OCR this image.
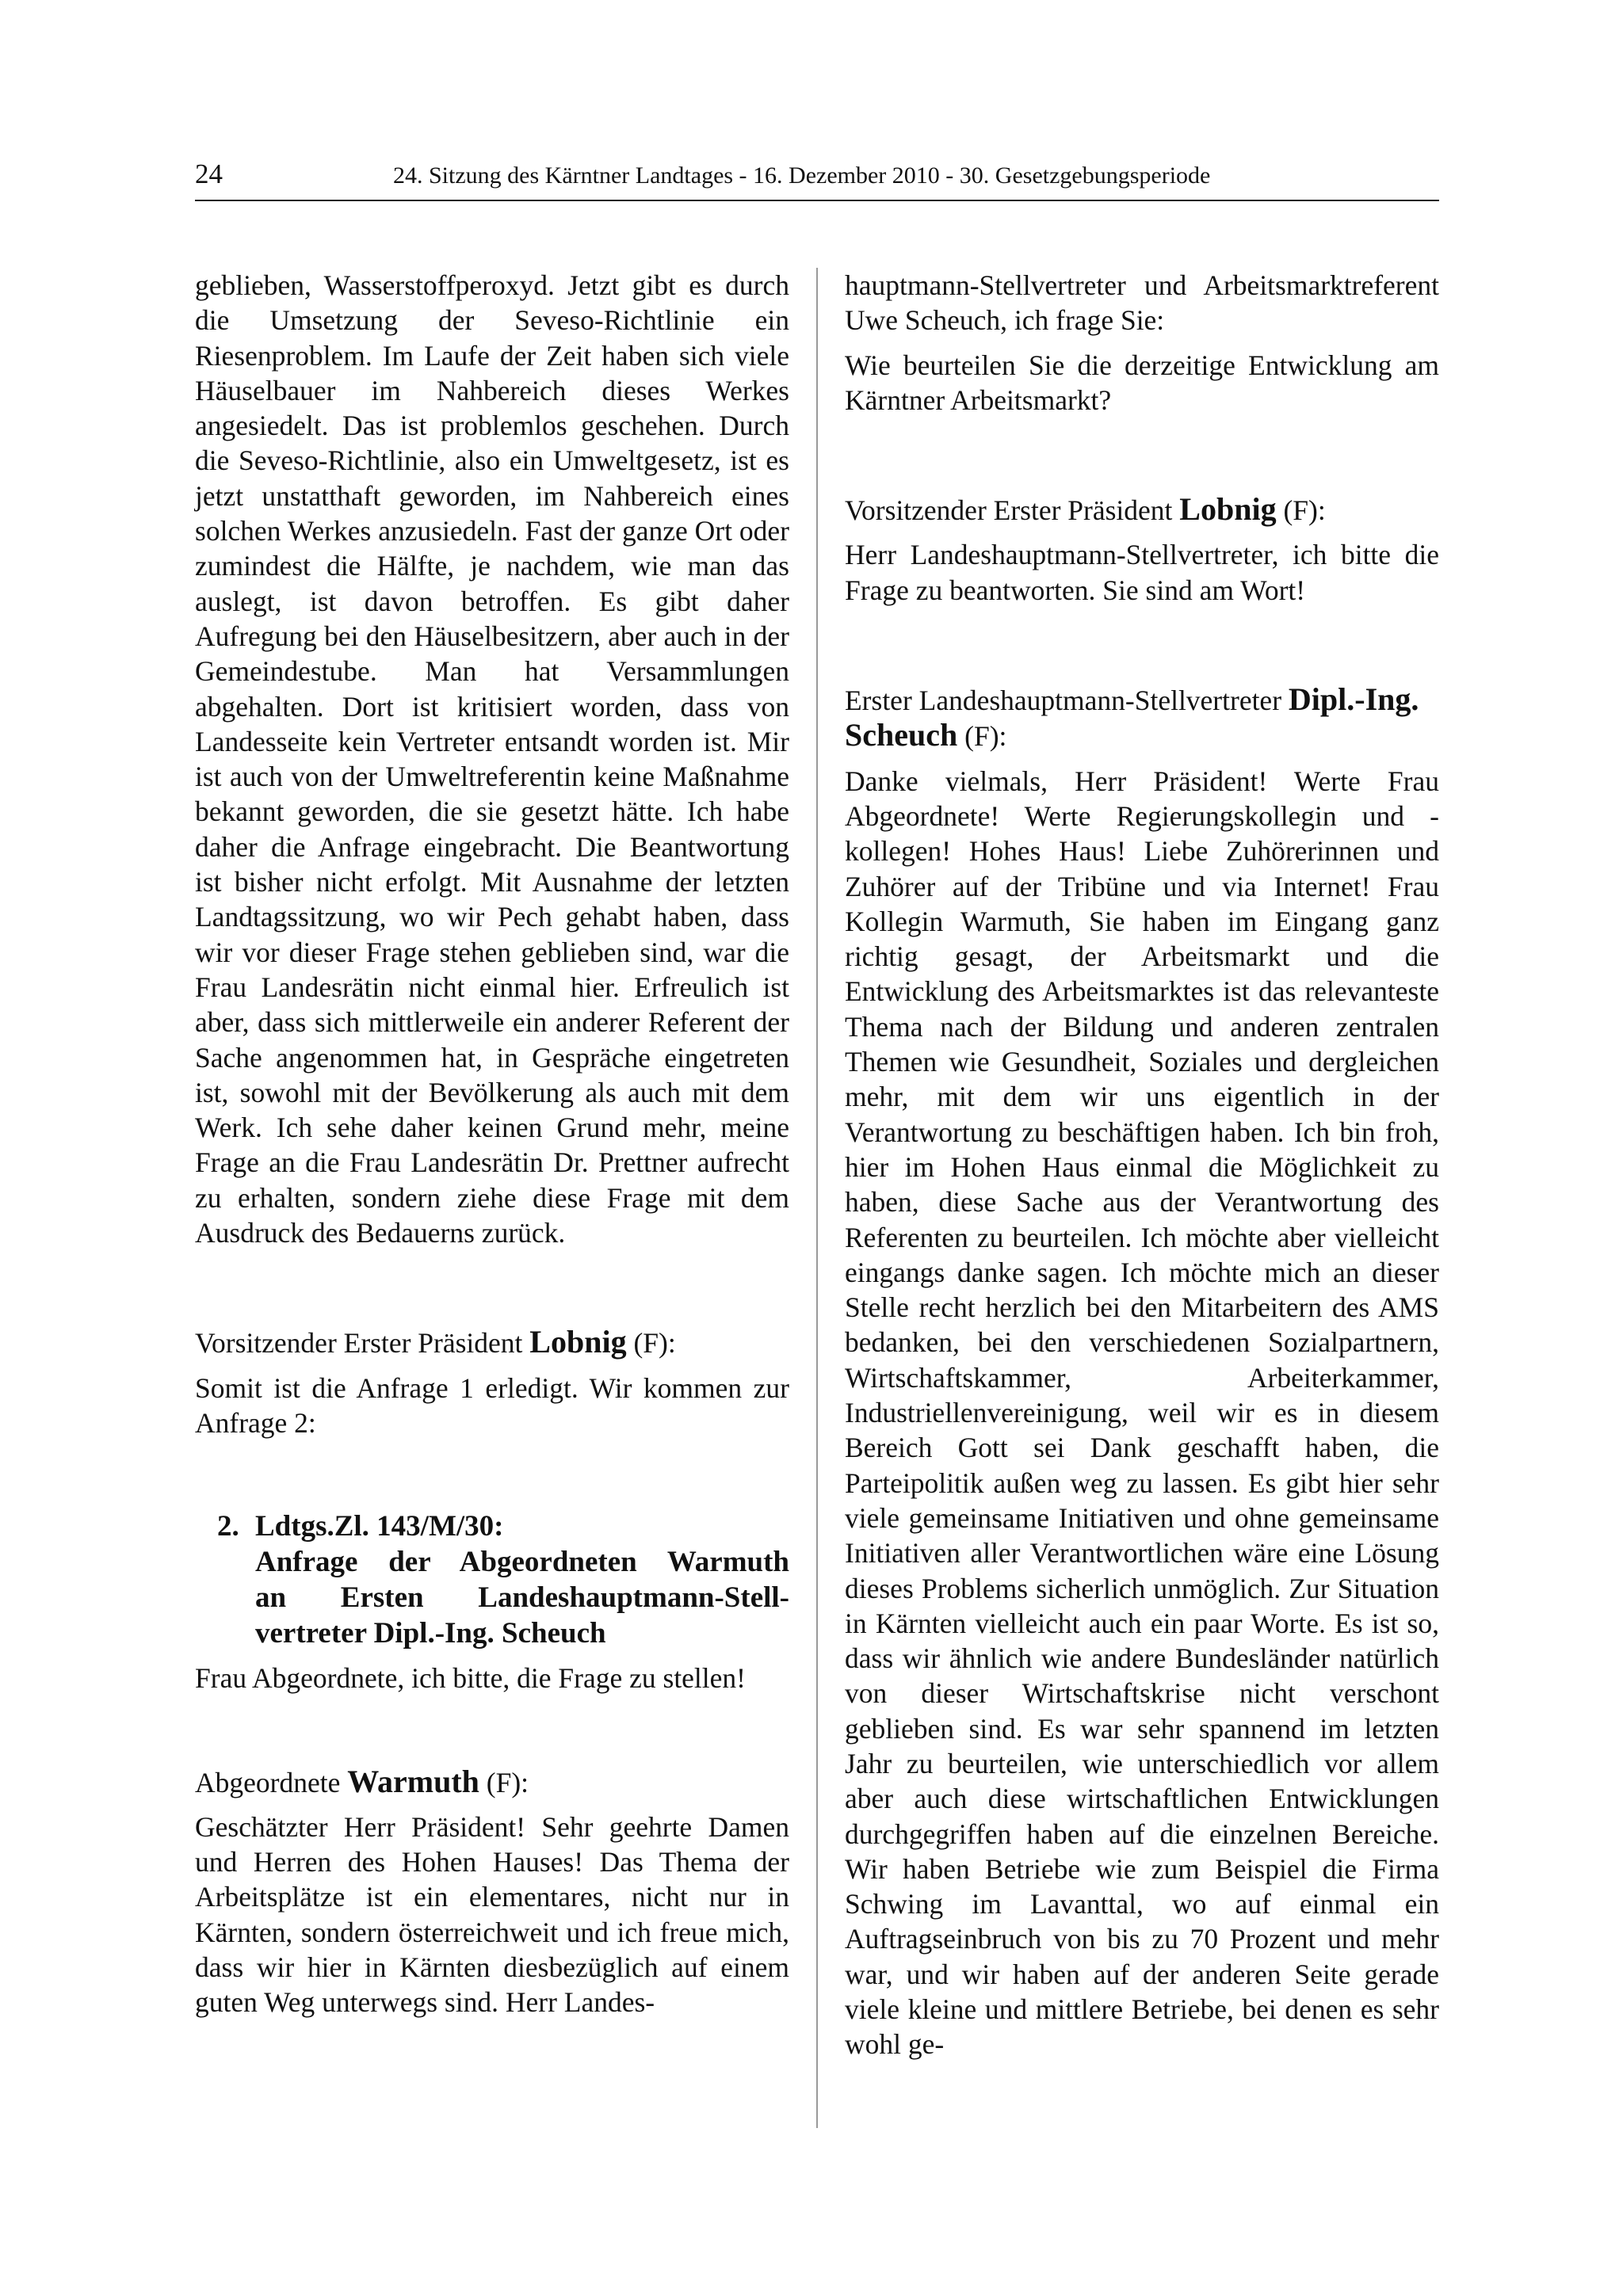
24	24. Sitzung des Kärntner Landtages - 16. Dezember 2010 - 30. Gesetzgebungsperiode

geblieben, Wasserstoffperoxyd. Jetzt gibt es durch die Umsetzung der Seveso-Richtlinie ein Riesenproblem. Im Laufe der Zeit haben sich viele Häuselbauer im Nahbereich dieses Werkes angesiedelt. Das ist problemlos geschehen. Durch die Seveso-Richtlinie, also ein Umweltgesetz, ist es jetzt unstatthaft geworden, im Nahbereich eines solchen Werkes anzusiedeln. Fast der ganze Ort oder zumindest die Hälfte, je nachdem, wie man das auslegt, ist davon betroffen. Es gibt daher Aufregung bei den Häuselbesitzern, aber auch in der Gemeindestube. Man hat Versammlungen abgehalten. Dort ist kritisiert worden, dass von Landesseite kein Vertreter entsandt worden ist. Mir ist auch von der Umweltreferentin keine Maßnahme bekannt geworden, die sie gesetzt hätte. Ich habe daher die Anfrage eingebracht. Die Beantwortung ist bisher nicht erfolgt. Mit Ausnahme der letzten Landtagssitzung, wo wir Pech gehabt haben, dass wir vor dieser Frage stehen geblieben sind, war die Frau Landesrätin nicht einmal hier. Erfreulich ist aber, dass sich mittlerweile ein anderer Referent der Sache angenommen hat, in Gespräche eingetreten ist, sowohl mit der Bevölkerung als auch mit dem Werk. Ich sehe daher keinen Grund mehr, meine Frage an die Frau Landesrätin Dr. Prettner aufrecht zu erhalten, sondern ziehe diese Frage mit dem Ausdruck des Bedauerns zurück.

Vorsitzender Erster Präsident Lobnig (F):

Somit ist die Anfrage 1 erledigt. Wir kommen zur Anfrage 2:

2. Ldtgs.Zl. 143/M/30:
Anfrage der Abgeordneten Warmuth
an Ersten Landeshauptmann-Stell-
vertreter Dipl.-Ing. Scheuch

Frau Abgeordnete, ich bitte, die Frage zu stellen!

Abgeordnete Warmuth (F):

Geschätzter Herr Präsident! Sehr geehrte Damen und Herren des Hohen Hauses! Das Thema der Arbeitsplätze ist ein elementares, nicht nur in Kärnten, sondern österreichweit und ich freue mich, dass wir hier in Kärnten diesbezüglich auf einem guten Weg unterwegs sind. Herr Landes-

hauptmann-Stellvertreter und Arbeitsmarktreferent Uwe Scheuch, ich frage Sie:

Wie beurteilen Sie die derzeitige Entwicklung am Kärntner Arbeitsmarkt?

Vorsitzender Erster Präsident Lobnig (F):

Herr Landeshauptmann-Stellvertreter, ich bitte die Frage zu beantworten. Sie sind am Wort!

Erster Landeshauptmann-Stellvertreter Dipl.-Ing. Scheuch (F):

Danke vielmals, Herr Präsident! Werte Frau Abgeordnete! Werte Regierungskollegin und -kollegen! Hohes Haus! Liebe Zuhörerinnen und Zuhörer auf der Tribüne und via Internet! Frau Kollegin Warmuth, Sie haben im Eingang ganz richtig gesagt, der Arbeitsmarkt und die Entwicklung des Arbeitsmarktes ist das relevanteste Thema nach der Bildung und anderen zentralen Themen wie Gesundheit, Soziales und dergleichen mehr, mit dem wir uns eigentlich in der Verantwortung zu beschäftigen haben. Ich bin froh, hier im Hohen Haus einmal die Möglichkeit zu haben, diese Sache aus der Verantwortung des Referenten zu beurteilen. Ich möchte aber vielleicht eingangs danke sagen. Ich möchte mich an dieser Stelle recht herzlich bei den Mitarbeitern des AMS bedanken, bei den verschiedenen Sozialpartnern, Wirtschaftskammer, Arbeiterkammer, Industriellenvereinigung, weil wir es in diesem Bereich Gott sei Dank geschafft haben, die Parteipolitik außen weg zu lassen. Es gibt hier sehr viele gemeinsame Initiativen und ohne gemeinsame Initiativen aller Verantwortlichen wäre eine Lösung dieses Problems sicherlich unmöglich. Zur Situation in Kärnten vielleicht auch ein paar Worte. Es ist so, dass wir ähnlich wie andere Bundesländer natürlich von dieser Wirtschaftskrise nicht verschont geblieben sind. Es war sehr spannend im letzten Jahr zu beurteilen, wie unterschiedlich vor allem aber auch diese wirtschaftlichen Entwicklungen durchgegriffen haben auf die einzelnen Bereiche. Wir haben Betriebe wie zum Beispiel die Firma Schwing im Lavanttal, wo auf einmal ein Auftragseinbruch von bis zu 70 Prozent und mehr war, und wir haben auf der anderen Seite gerade viele kleine und mittlere Betriebe, bei denen es sehr wohl ge-
